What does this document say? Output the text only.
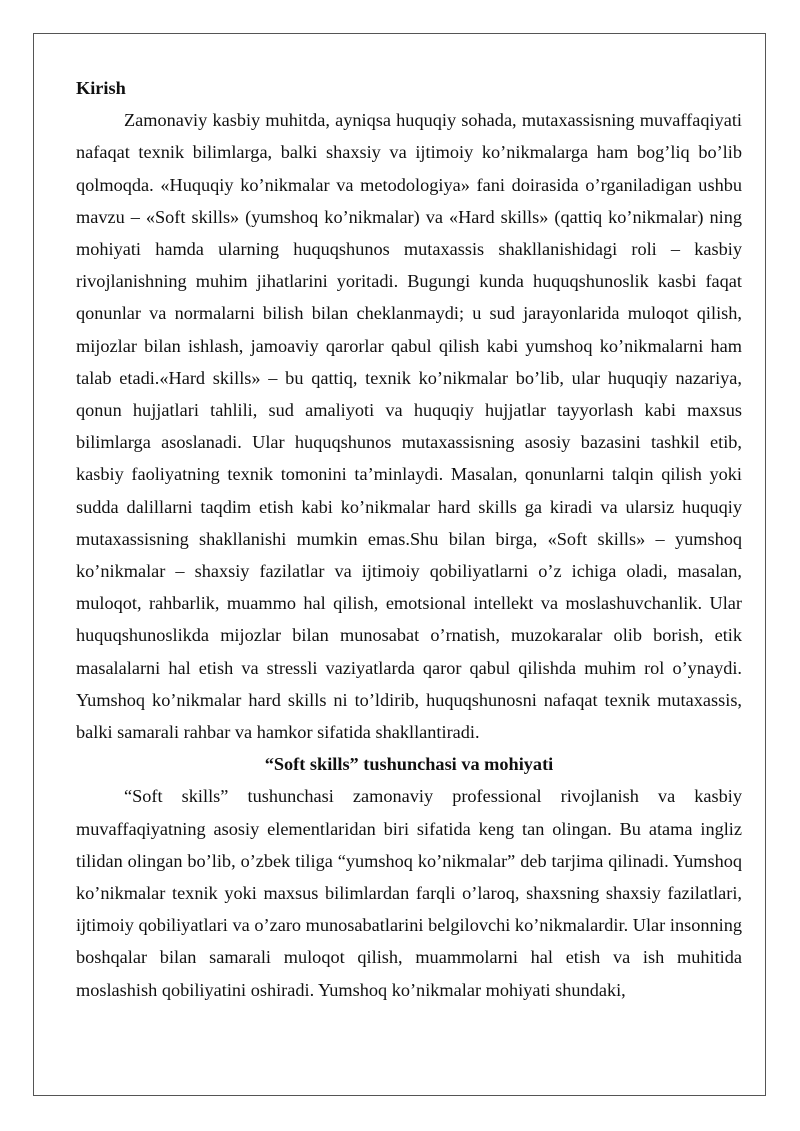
Kirish

Zamonaviy kasbiy muhitda, ayniqsa huquqiy sohada, mutaxassisning muvaffaqiyati nafaqat texnik bilimlarga, balki shaxsiy va ijtimoiy ko’nikmalarga ham bog’liq bo’lib qolmoqda. «Huquqiy ko’nikmalar va metodologiya» fani doirasida o’rganiladigan ushbu mavzu – «Soft skills» (yumshoq ko’nikmalar) va «Hard skills» (qattiq ko’nikmalar) ning mohiyati hamda ularning huquqshunos mutaxassis shakllanishidagi roli – kasbiy rivojlanishning muhim jihatlarini yoritadi. Bugungi kunda huquqshunoslik kasbi faqat qonunlar va normalarni bilish bilan cheklanmaydi; u sud jarayonlarida muloqot qilish, mijozlar bilan ishlash, jamoaviy qarorlar qabul qilish kabi yumshoq ko’nikmalarni ham talab etadi.«Hard skills» – bu qattiq, texnik ko’nikmalar bo’lib, ular huquqiy nazariya, qonun hujjatlari tahlili, sud amaliyoti va huquqiy hujjatlar tayyorlash kabi maxsus bilimlarga asoslanadi. Ular huquqshunos mutaxassisning asosiy bazasini tashkil etib, kasbiy faoliyatning texnik tomonini ta’minlaydi. Masalan, qonunlarni talqin qilish yoki sudda dalillarni taqdim etish kabi ko’nikmalar hard skills ga kiradi va ularsiz huquqiy mutaxassisning shakllanishi mumkin emas.Shu bilan birga, «Soft skills» – yumshoq ko’nikmalar – shaxsiy fazilatlar va ijtimoiy qobiliyatlarni o’z ichiga oladi, masalan, muloqot, rahbarlik, muammo hal qilish, emotsional intellekt va moslashuvchanlik. Ular huquqshunoslikda mijozlar bilan munosabat o’rnatish, muzokaralar olib borish, etik masalalarni hal etish va stressli vaziyatlarda qaror qabul qilishda muhim rol o’ynaydi. Yumshoq ko’nikmalar hard skills ni to’ldirib, huquqshunosni nafaqat texnik mutaxassis, balki samarali rahbar va hamkor sifatida shakllantiradi.

“Soft skills” tushunchasi va mohiyati

“Soft skills” tushunchasi zamonaviy professional rivojlanish va kasbiy muvaffaqiyatning asosiy elementlaridan biri sifatida keng tan olingan. Bu atama ingliz tilidan olingan bo’lib, o’zbek tiliga “yumshoq ko’nikmalar” deb tarjima qilinadi. Yumshoq ko’nikmalar texnik yoki maxsus bilimlardan farqli o’laroq, shaxsning shaxsiy fazilatlari, ijtimoiy qobiliyatlari va o’zaro munosabatlarini belgilovchi ko’nikmalardir. Ular insonning boshqalar bilan samarali muloqot qilish, muammolarni hal etish va ish muhitida moslashish qobiliyatini oshiradi. Yumshoq ko’nikmalar mohiyati shundaki,
